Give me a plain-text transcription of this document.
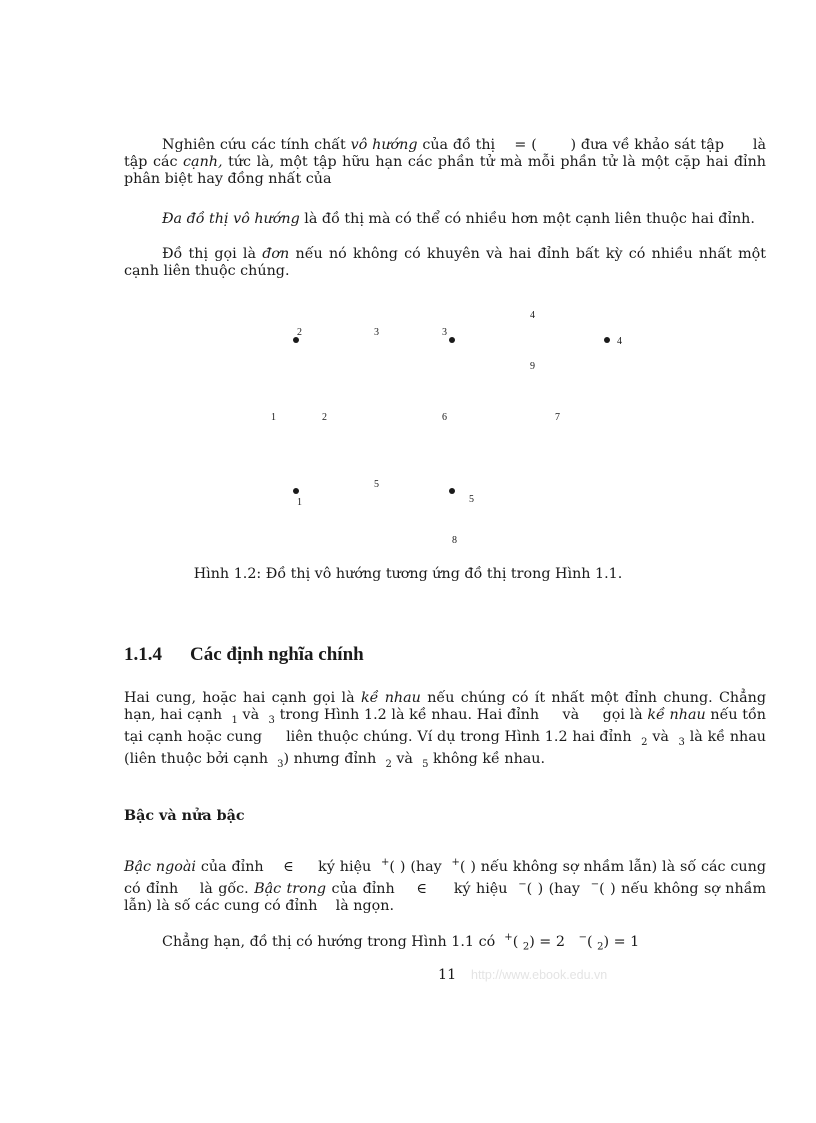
Nghiên cứu các tính chất vô hướng của đồ thị    = ( ) đưa về khảo sát tập      là tập các cạnh, tức là, một tập hữu hạn các phần tử mà mỗi phần tử là một cặp hai đỉnh phân biệt hay đồng nhất của

Đa đồ thị vô hướng là đồ thị mà có thể có nhiều hơn một cạnh liên thuộc hai đỉnh.

Đồ thị gọi là đơn nếu nó không có khuyên và hai đỉnh bất kỳ có nhiều nhất một cạnh liên thuộc chúng.

2	3	3
4
4
9
1	2	6	7
5
1	5
8

Hình 1.2: Đồ thị vô hướng tương ứng đồ thị trong Hình 1.1.

1.1.4 Các định nghĩa chính

Hai cung, hoặc hai cạnh gọi là kề nhau nếu chúng có ít nhất một đỉnh chung. Chẳng hạn, hai cạnh  $_1$ và  $_3$ trong Hình 1.2 là kề nhau. Hai đỉnh     và     gọi là kề nhau nếu tồn tại cạnh hoặc cung     liên thuộc chúng. Ví dụ trong Hình 1.2 hai đỉnh  $_2$ và  $_3$ là kề nhau (liên thuộc bởi cạnh  $_3$) nhưng đỉnh  $_2$ và  $_5$ không kề nhau.

Bậc và nửa bậc

Bậc ngoài của đỉnh    ∈     ký hiệu  +( ) (hay  +( ) nếu không sợ nhầm lẫn) là số các cung có đỉnh    là gốc. Bậc trong của đỉnh    ∈     ký hiệu  −( ) (hay  −( ) nếu không sợ nhầm lẫn) là số các cung có đỉnh    là ngọn.

Chẳng hạn, đồ thị có hướng trong Hình 1.1 có  +( $_2$) = 2   −( $_2$) = 1

11 http://www.ebook.edu.vn
